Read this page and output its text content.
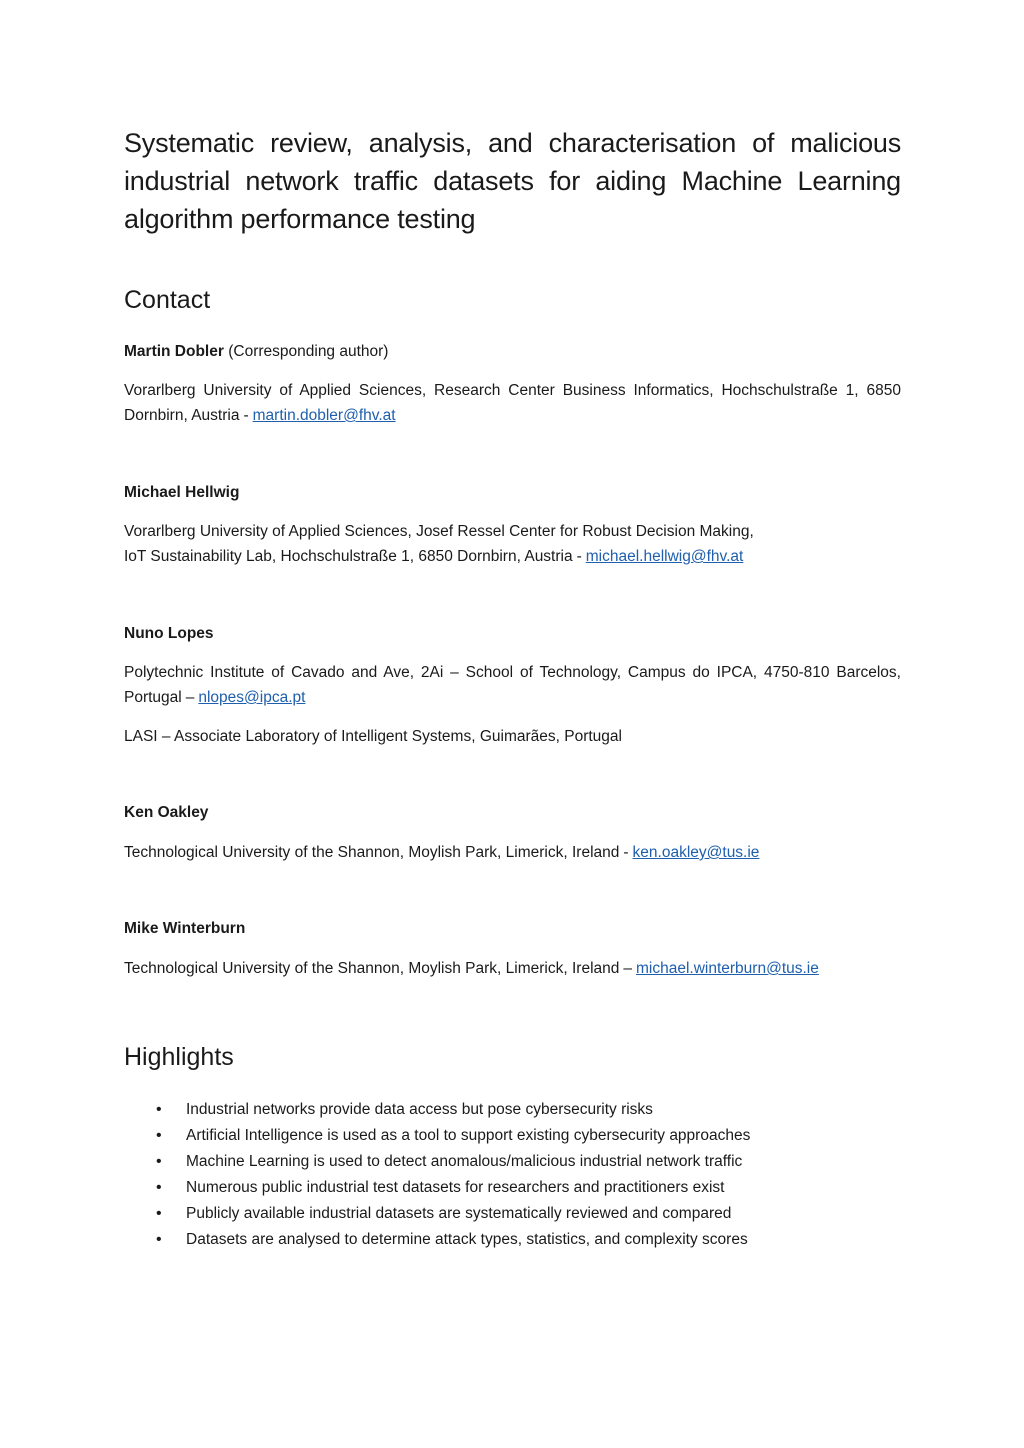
Systematic review, analysis, and characterisation of malicious industrial network traffic datasets for aiding Machine Learning algorithm performance testing
Contact

Martin Dobler (Corresponding author)

Vorarlberg University of Applied Sciences, Research Center Business Informatics, Hochschulstraße 1, 6850 Dornbirn, Austria - martin.dobler@fhv.at

Michael Hellwig

Vorarlberg University of Applied Sciences, Josef Ressel Center for Robust Decision Making,
IoT Sustainability Lab, Hochschulstraße 1, 6850 Dornbirn, Austria - michael.hellwig@fhv.at

Nuno Lopes

Polytechnic Institute of Cavado and Ave, 2Ai – School of Technology, Campus do IPCA, 4750-810 Barcelos, Portugal – nlopes@ipca.pt

LASI – Associate Laboratory of Intelligent Systems, Guimarães, Portugal

Ken Oakley

Technological University of the Shannon, Moylish Park, Limerick, Ireland - ken.oakley@tus.ie

Mike Winterburn

Technological University of the Shannon, Moylish Park, Limerick, Ireland – michael.winterburn@tus.ie

Highlights
• Industrial networks provide data access but pose cybersecurity risks
• Artificial Intelligence is used as a tool to support existing cybersecurity approaches
• Machine Learning is used to detect anomalous/malicious industrial network traffic
• Numerous public industrial test datasets for researchers and practitioners exist
• Publicly available industrial datasets are systematically reviewed and compared
• Datasets are analysed to determine attack types, statistics, and complexity scores
